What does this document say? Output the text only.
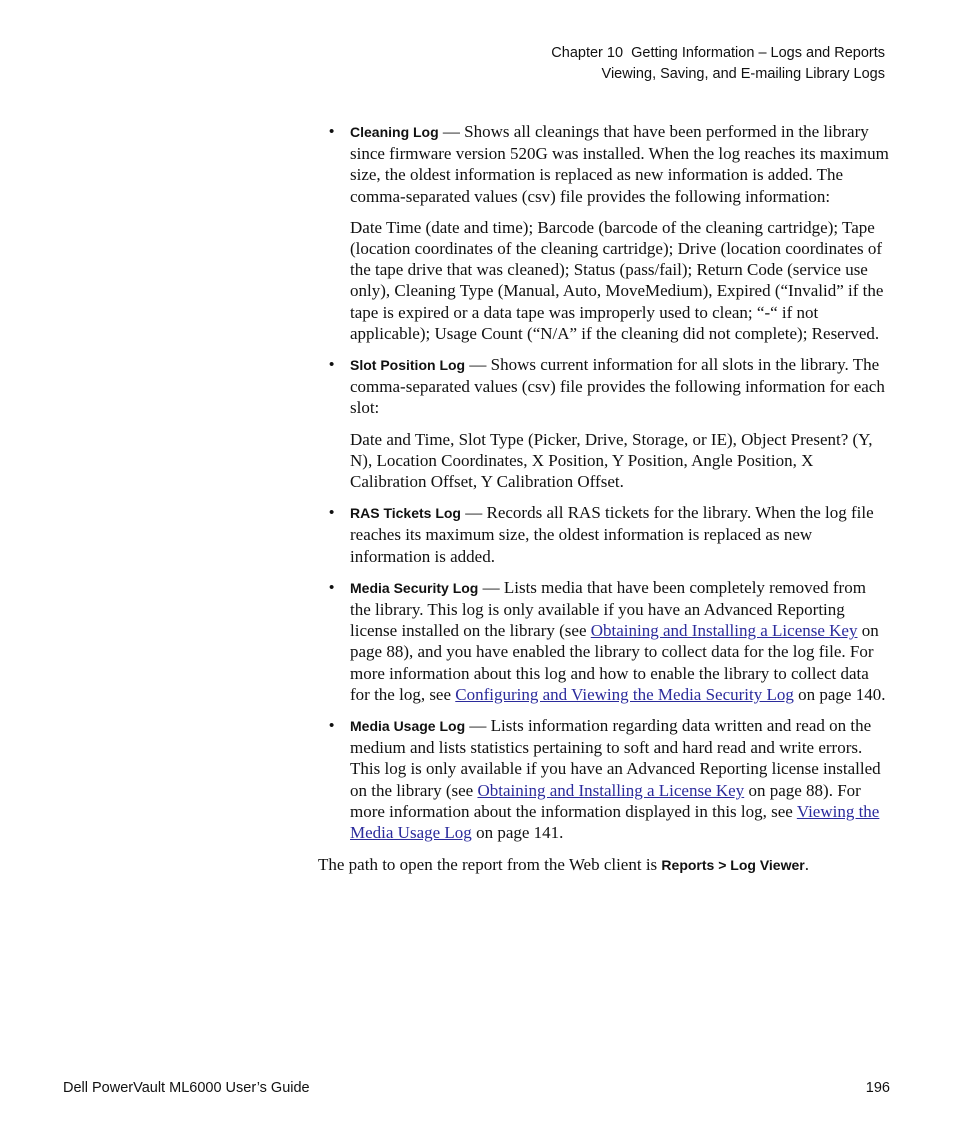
Chapter 10  Getting Information – Logs and Reports
Viewing, Saving, and E-mailing Library Logs
• Cleaning Log — Shows all cleanings that have been performed in the library since firmware version 520G was installed. When the log reaches its maximum size, the oldest information is replaced as new information is added. The comma-separated values (csv) file provides the following information:

Date Time (date and time); Barcode (barcode of the cleaning cartridge); Tape (location coordinates of the cleaning cartridge); Drive (location coordinates of the tape drive that was cleaned); Status (pass/fail); Return Code (service use only), Cleaning Type (Manual, Auto, MoveMedium), Expired (“Invalid” if the tape is expired or a data tape was improperly used to clean; “-“ if not applicable); Usage Count (“N/A” if the cleaning did not complete); Reserved.

• Slot Position Log — Shows current information for all slots in the library. The comma-separated values (csv) file provides the following information for each slot:

Date and Time, Slot Type (Picker, Drive, Storage, or IE), Object Present? (Y, N), Location Coordinates, X Position, Y Position, Angle Position, X Calibration Offset, Y Calibration Offset.

• RAS Tickets Log — Records all RAS tickets for the library. When the log file reaches its maximum size, the oldest information is replaced as new information is added.

• Media Security Log — Lists media that have been completely removed from the library. This log is only available if you have an Advanced Reporting license installed on the library (see Obtaining and Installing a License Key on page 88), and you have enabled the library to collect data for the log file. For more information about this log and how to enable the library to collect data for the log, see Configuring and Viewing the Media Security Log on page 140.

• Media Usage Log — Lists information regarding data written and read on the medium and lists statistics pertaining to soft and hard read and write errors. This log is only available if you have an Advanced Reporting license installed on the library (see Obtaining and Installing a License Key on page 88). For more information about the information displayed in this log, see Viewing the Media Usage Log on page 141.

The path to open the report from the Web client is Reports > Log Viewer.

Dell PowerVault ML6000 User’s Guide	196
